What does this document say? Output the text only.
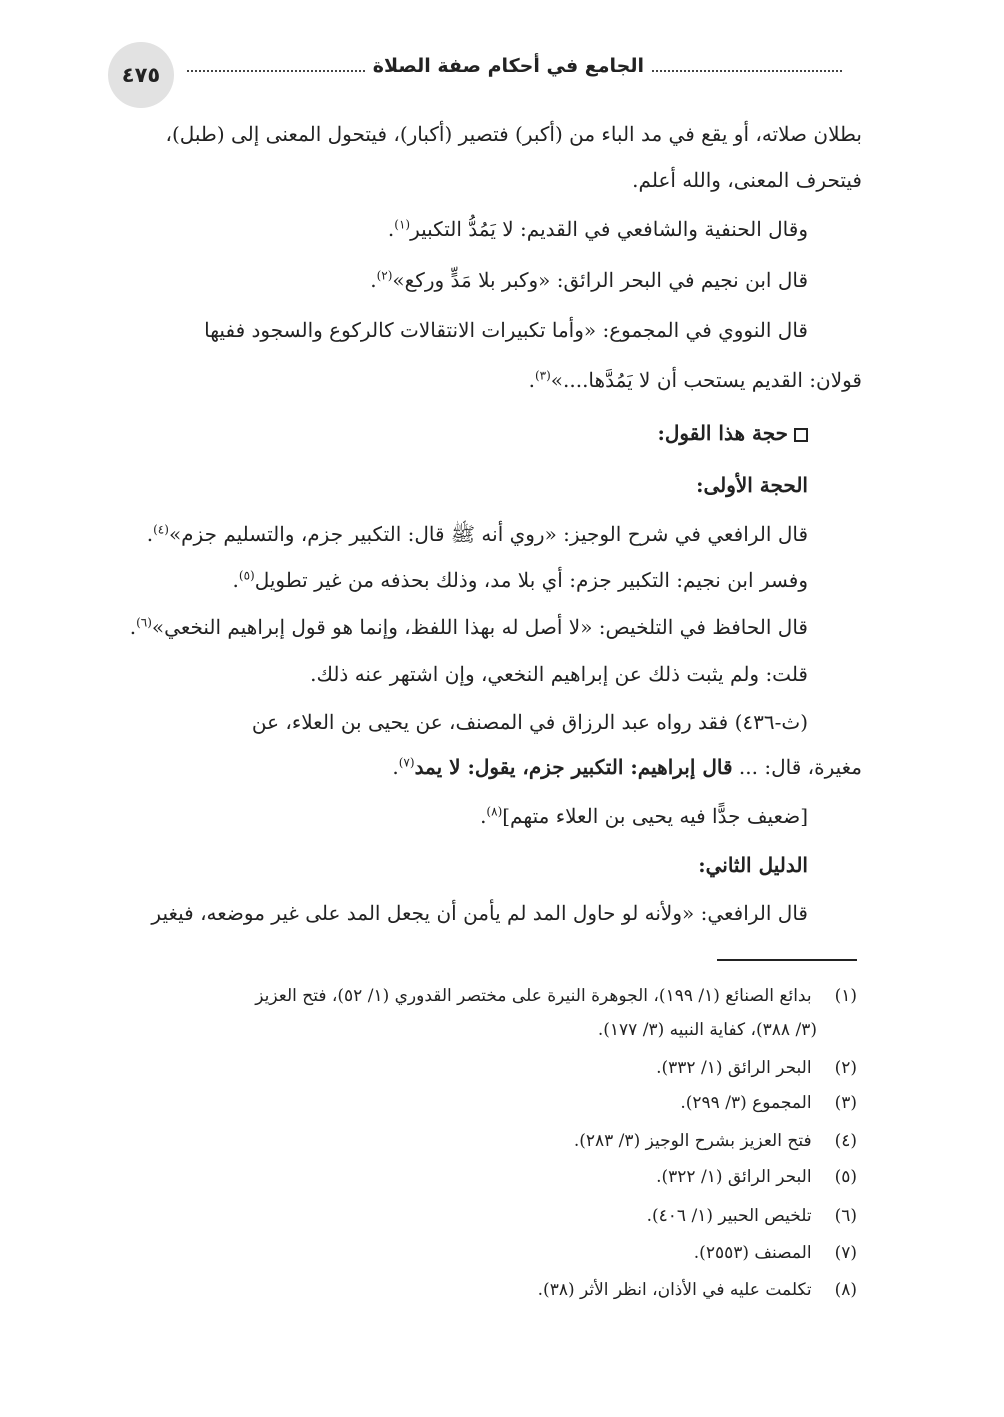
٤٧٥	الجامع في أحكام صفة الصلاة
بطلان صلاته، أو يقع في مد الباء من (أكبر) فتصير (أكبار)، فيتحول المعنى إلى (طبل)،
فيتحرف المعنى، والله أعلم.
وقال الحنفية والشافعي في القديم: لا يَمُدُّ التكبير$^{(١)}$.
قال ابن نجيم في البحر الرائق: «وكبر بلا مَدٍّ وركع»$^{(٢)}$.
قال النووي في المجموع: «وأما تكبيرات الانتقالات كالركوع والسجود ففيها
قولان: القديم يستحب أن لا يَمُدَّها....»$^{(٣)}$.
حجة هذا القول:
الحجة الأولى:
قال الرافعي في شرح الوجيز: «روي أنه ﷺ قال: التكبير جزم، والتسليم جزم»$^{(٤)}$.
وفسر ابن نجيم: التكبير جزم: أي بلا مد، وذلك بحذفه من غير تطويل$^{(٥)}$.
قال الحافظ في التلخيص: «لا أصل له بهذا اللفظ، وإنما هو قول إبراهيم النخعي»$^{(٦)}$.
قلت: ولم يثبت ذلك عن إبراهيم النخعي، وإن اشتهر عنه ذلك.
(ث-٤٣٦) فقد رواه عبد الرزاق في المصنف، عن يحيى بن العلاء، عن
مغيرة، قال: ... قال إبراهيم: التكبير جزم، يقول: لا يمد$^{(٧)}$.
[ضعيف جدًّا فيه يحيى بن العلاء متهم]$^{(٨)}$.
الدليل الثاني:
قال الرافعي: «ولأنه لو حاول المد لم يأمن أن يجعل المد على غير موضعه، فيغير
(١) بدائع الصنائع (١/ ١٩٩)، الجوهرة النيرة على مختصر القدوري (١/ ٥٢)، فتح العزيز
(٣/ ٣٨٨)، كفاية النبيه (٣/ ١٧٧).
(٢) البحر الرائق (١/ ٣٣٢).
(٣) المجموع (٣/ ٢٩٩).
(٤) فتح العزيز بشرح الوجيز (٣/ ٢٨٣).
(٥) البحر الرائق (١/ ٣٢٢).
(٦) تلخيص الحبير (١/ ٤٠٦).
(٧) المصنف (٢٥٥٣).
(٨) تكلمت عليه في الأذان، انظر الأثر (٣٨).
